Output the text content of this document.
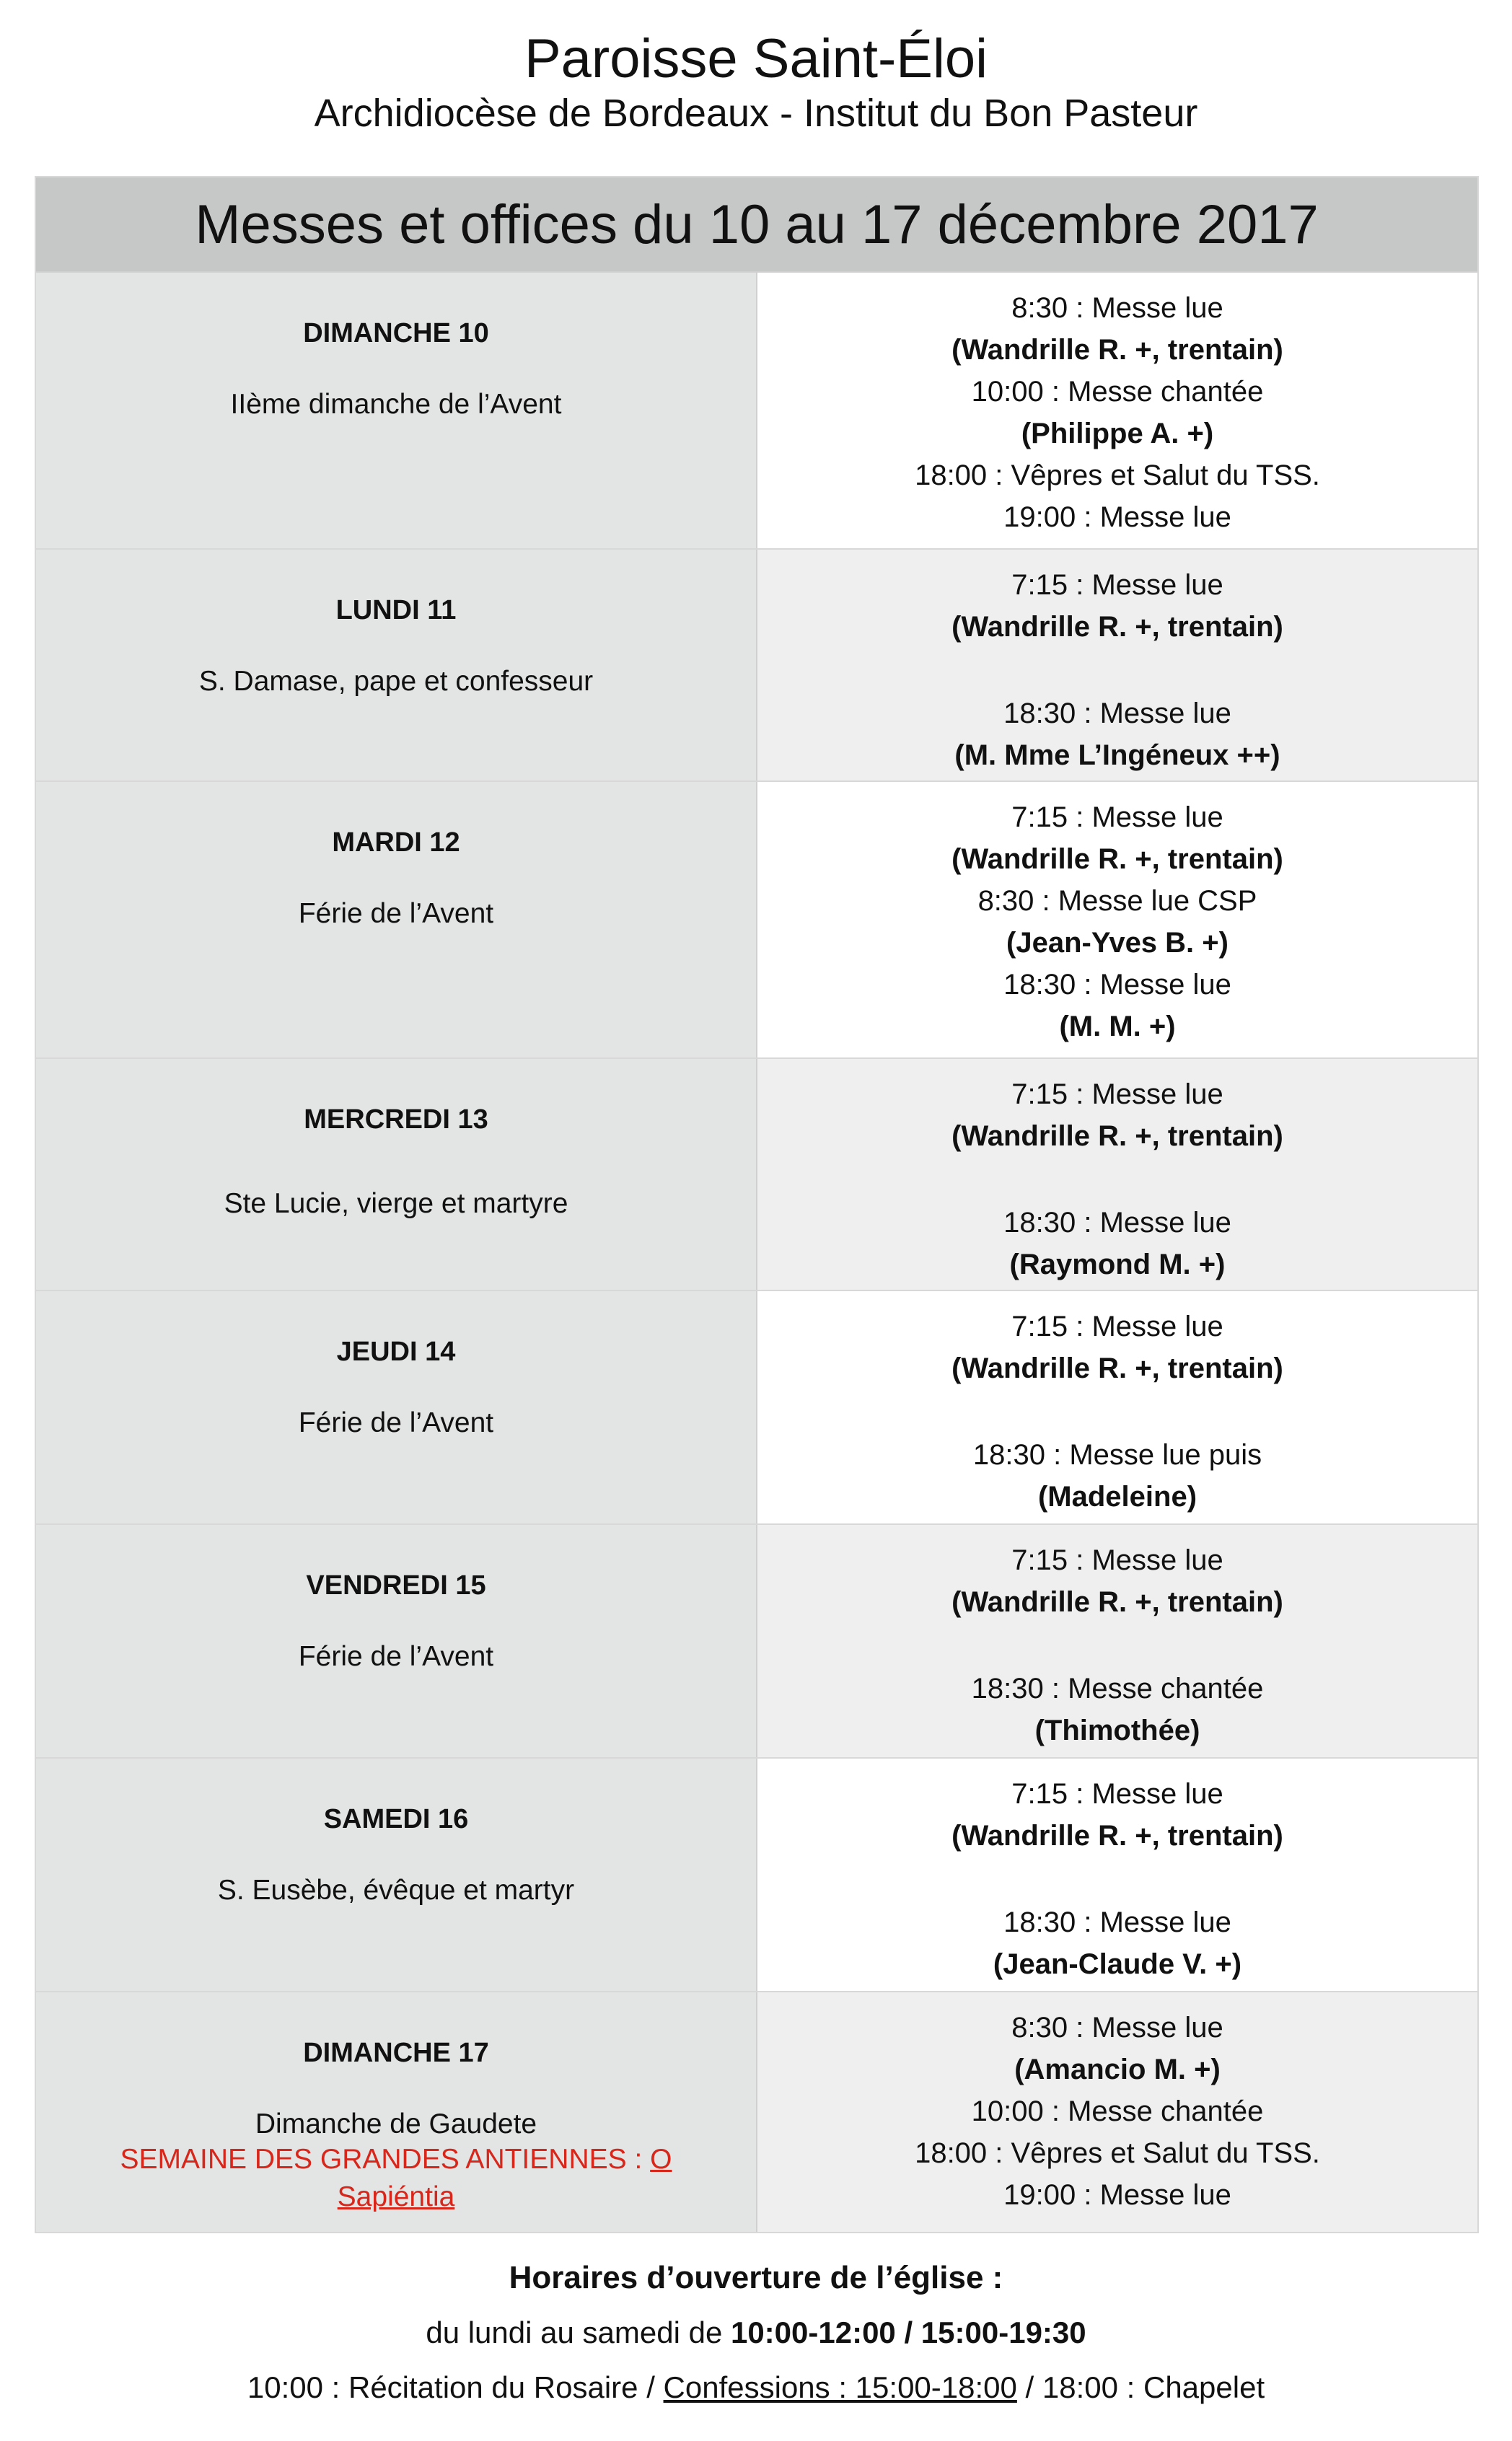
Paroisse Saint-Éloi
Archidiocèse de Bordeaux - Institut du Bon Pasteur
Messes et offices du 10 au 17 décembre 2017
DIMANCHE 10
IIème dimanche de l’Avent
8:30 : Messe lue
(Wandrille R. +, trentain)
10:00 : Messe chantée
(Philippe A. +)
18:00 : Vêpres et Salut du TSS.
19:00 : Messe lue
LUNDI 11
S. Damase, pape et confesseur
7:15 : Messe lue
(Wandrille R. +, trentain)
18:30 : Messe lue
(M. Mme L’Ingéneux ++)
MARDI 12
Férie de l’Avent
7:15 : Messe lue
(Wandrille R. +, trentain)
8:30 : Messe lue CSP
(Jean-Yves B. +)
18:30 : Messe lue
(M. M. +)
MERCREDI 13
Ste Lucie, vierge et martyre
7:15 : Messe lue
(Wandrille R. +, trentain)
18:30 : Messe lue
(Raymond M. +)
JEUDI 14
Férie de l’Avent
7:15 : Messe lue
(Wandrille R. +, trentain)
18:30 : Messe lue puis
(Madeleine)
VENDREDI 15
Férie de l’Avent
7:15 : Messe lue
(Wandrille R. +, trentain)
18:30 : Messe chantée
(Thimothée)
SAMEDI 16
S. Eusèbe, évêque et martyr
7:15 : Messe lue
(Wandrille R. +, trentain)
18:30 : Messe lue
(Jean-Claude V. +)
DIMANCHE 17
Dimanche de Gaudete
SEMAINE DES GRANDES ANTIENNES : O Sapiéntia
8:30 : Messe lue
(Amancio M. +)
10:00 : Messe chantée
18:00 : Vêpres et Salut du TSS.
19:00 : Messe lue
Horaires d’ouverture de l’église :
du lundi au samedi de 10:00-12:00 / 15:00-19:30
10:00 : Récitation du Rosaire / Confessions : 15:00-18:00 / 18:00 : Chapelet
